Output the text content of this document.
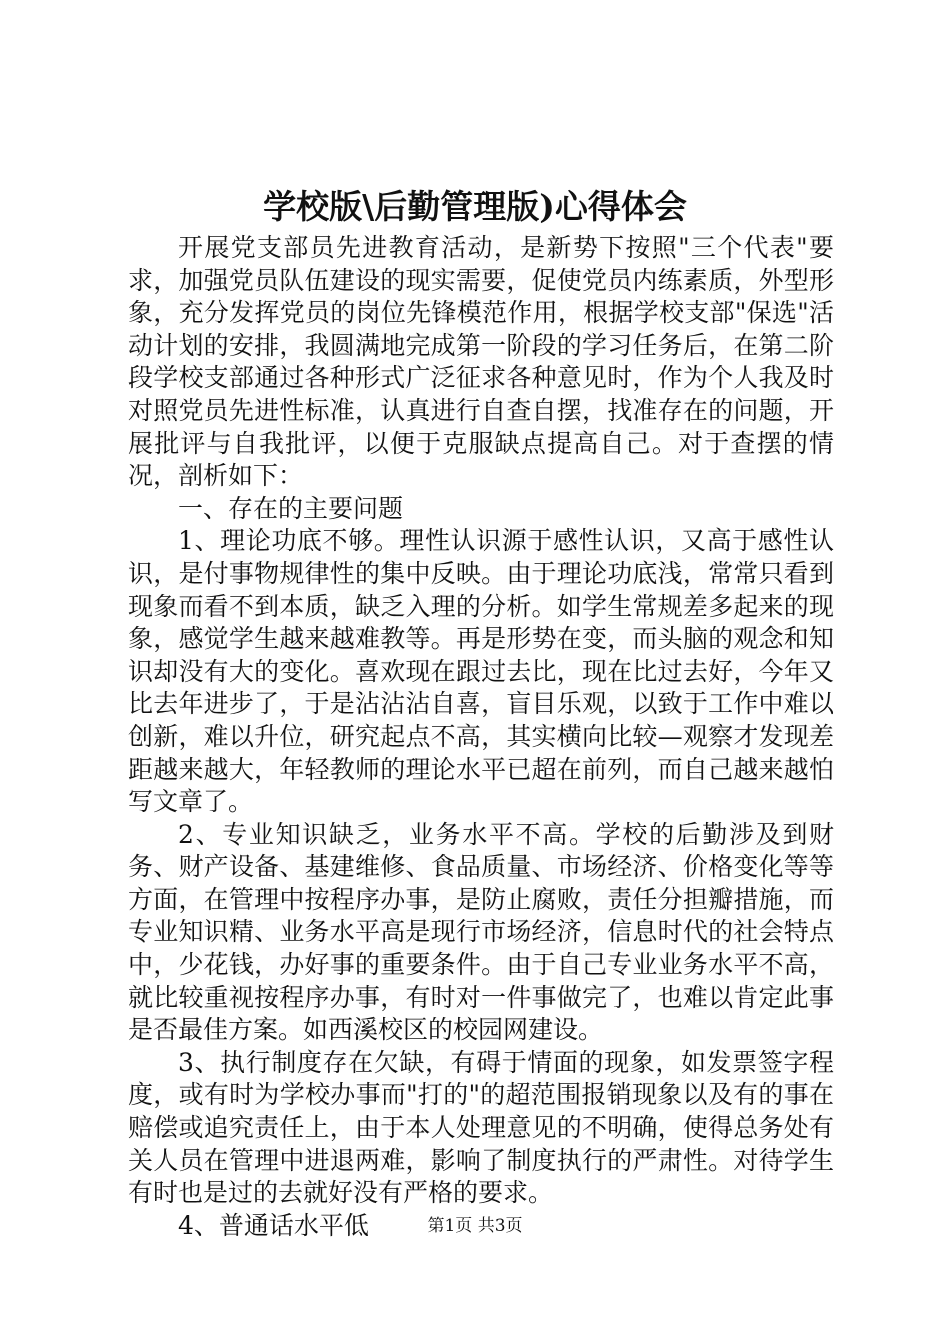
学校版\后勤管理版)心得体会

开展党支部员先进教育活动，是新势下按照"三个代表"要求，加强党员队伍建设的现实需要，促使党员内练素质，外型形象，充分发挥党员的岗位先锋模范作用，根据学校支部"保选"活动计划的安排，我圆满地完成第一阶段的学习任务后，在第二阶段学校支部通过各种形式广泛征求各种意见时，作为个人我及时对照党员先进性标准，认真进行自查自摆，找准存在的问题，开展批评与自我批评，以便于克服缺点提高自己。对于查摆的情况，剖析如下：

一、存在的主要问题

1、理论功底不够。理性认识源于感性认识，又高于感性认识，是付事物规律性的集中反映。由于理论功底浅，常常只看到现象而看不到本质，缺乏入理的分析。如学生常规差多起来的现象，感觉学生越来越难教等。再是形势在变，而头脑的观念和知识却没有大的变化。喜欢现在跟过去比，现在比过去好，今年又比去年进步了，于是沾沾沾自喜，盲目乐观，以致于工作中难以创新，难以升位，研究起点不高，其实横向比较—观察才发现差距越来越大，年轻教师的理论水平已超在前列，而自己越来越怕写文章了。

2、专业知识缺乏，业务水平不高。学校的后勤涉及到财务、财产设备、基建维修、食品质量、市场经济、价格变化等等方面，在管理中按程序办事，是防止腐败，责任分担瓣措施，而专业知识精、业务水平高是现行市场经济，信息时代的社会特点中，少花钱，办好事的重要条件。由于自己专业业务水平不高，就比较重视按程序办事，有时对一件事做完了，也难以肯定此事是否最佳方案。如西溪校区的校园网建设。

3、执行制度存在欠缺，有碍于情面的现象，如发票签字程度，或有时为学校办事而"打的"的超范围报销现象以及有的事在赔偿或追究责任上，由于本人处理意见的不明确，使得总务处有关人员在管理中进退两难，影响了制度执行的严肃性。对待学生有时也是过的去就好没有严格的要求。

4、普通话水平低	第1页 共3页
